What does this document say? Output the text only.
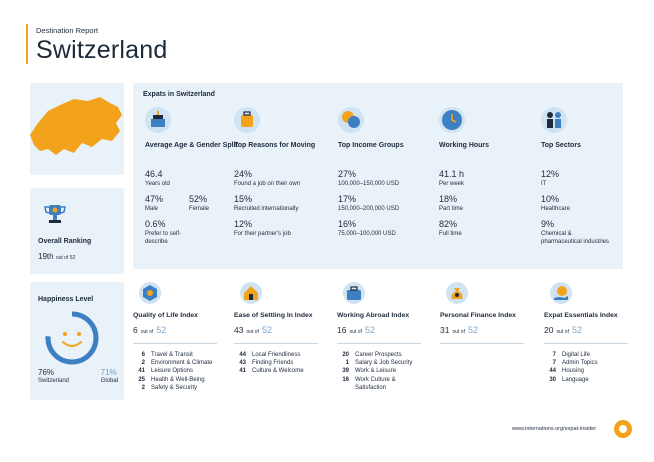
Destination Report
Switzerland
Overall Ranking
19th out of 52
Happiness Level
76%
Switzerland
71%
Global
Expats in Switzerland
Average Age & Gender Split
46.4
Years old
47%
Male
52%
Female
0.6%
Prefer to self-describe
Top Reasons for Moving
24%
Found a job on their own
15%
Recruited internationally
12%
For their partner's job
Top Income Groups
27%
100,000–150,000 USD
17%
150,000–200,000 USD
16%
75,000–100,000 USD
Working Hours
41.1 h
Per week
18%
Part time
82%
Full time
Top Sectors
12%
IT
10%
Healthcare
9%
Chemical & pharmaceutical industries
Quality of Life Index
6 out of 52
6 Travel & Transit
2 Environment & Climate
41 Leisure Options
25 Health & Well-Being
2 Safety & Security
Ease of Settling In Index
43 out of 52
44 Local Friendliness
43 Finding Friends
41 Culture & Welcome
Working Abroad Index
16 out of 52
20 Career Prospects
1 Salary & Job Security
39 Work & Leisure
16 Work Culture & Satisfaction
Personal Finance Index
31 out of 52
Expat Essentials Index
20 out of 52
7 Digital Life
7 Admin Topics
44 Housing
30 Language
www.internations.org/expat-insider
